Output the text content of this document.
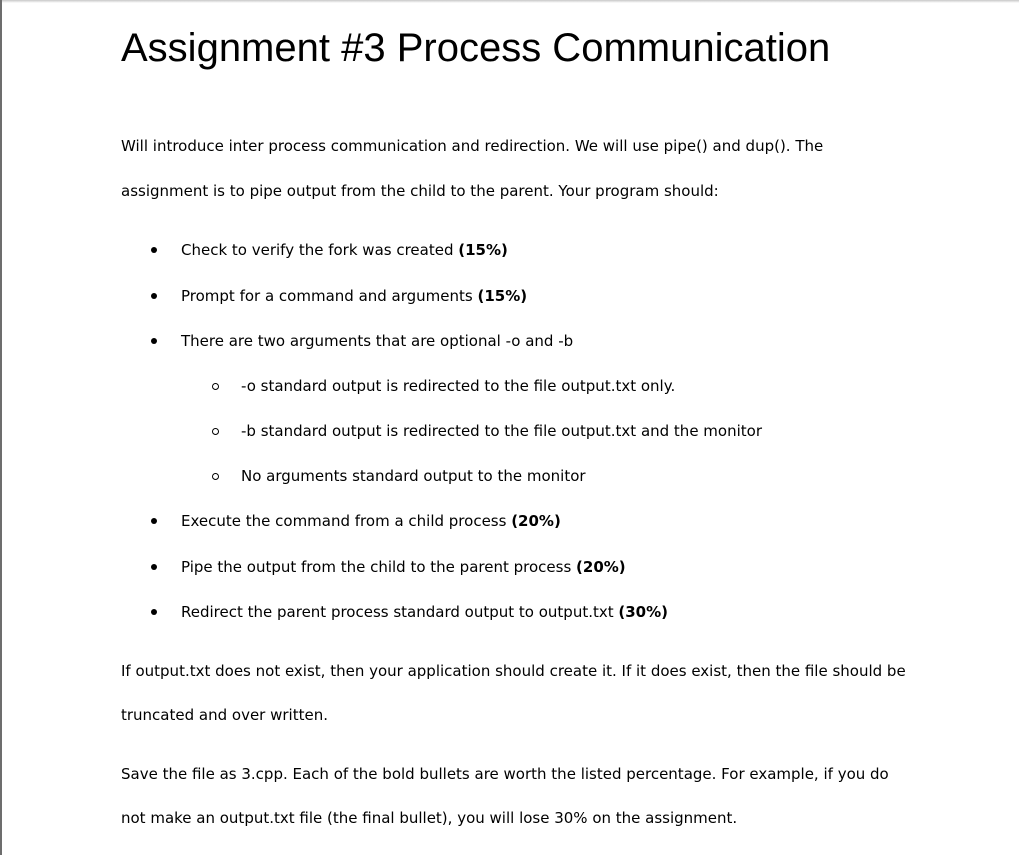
Assignment #3 Process Communication

Will introduce inter process communication and redirection. We will use pipe() and dup(). The

assignment is to pipe output from the child to the parent. Your program should:

Check to verify the fork was created (15%)

Prompt for a command and arguments (15%)

There are two arguments that are optional -o and -b

-o standard output is redirected to the file output.txt only.

-b standard output is redirected to the file output.txt and the monitor

No arguments standard output to the monitor

Execute the command from a child process (20%)

Pipe the output from the child to the parent process (20%)

Redirect the parent process standard output to output.txt (30%)

If output.txt does not exist, then your application should create it. If it does exist, then the file should be

truncated and over written.

Save the file as 3.cpp. Each of the bold bullets are worth the listed percentage. For example, if you do

not make an output.txt file (the final bullet), you will lose 30% on the assignment.
